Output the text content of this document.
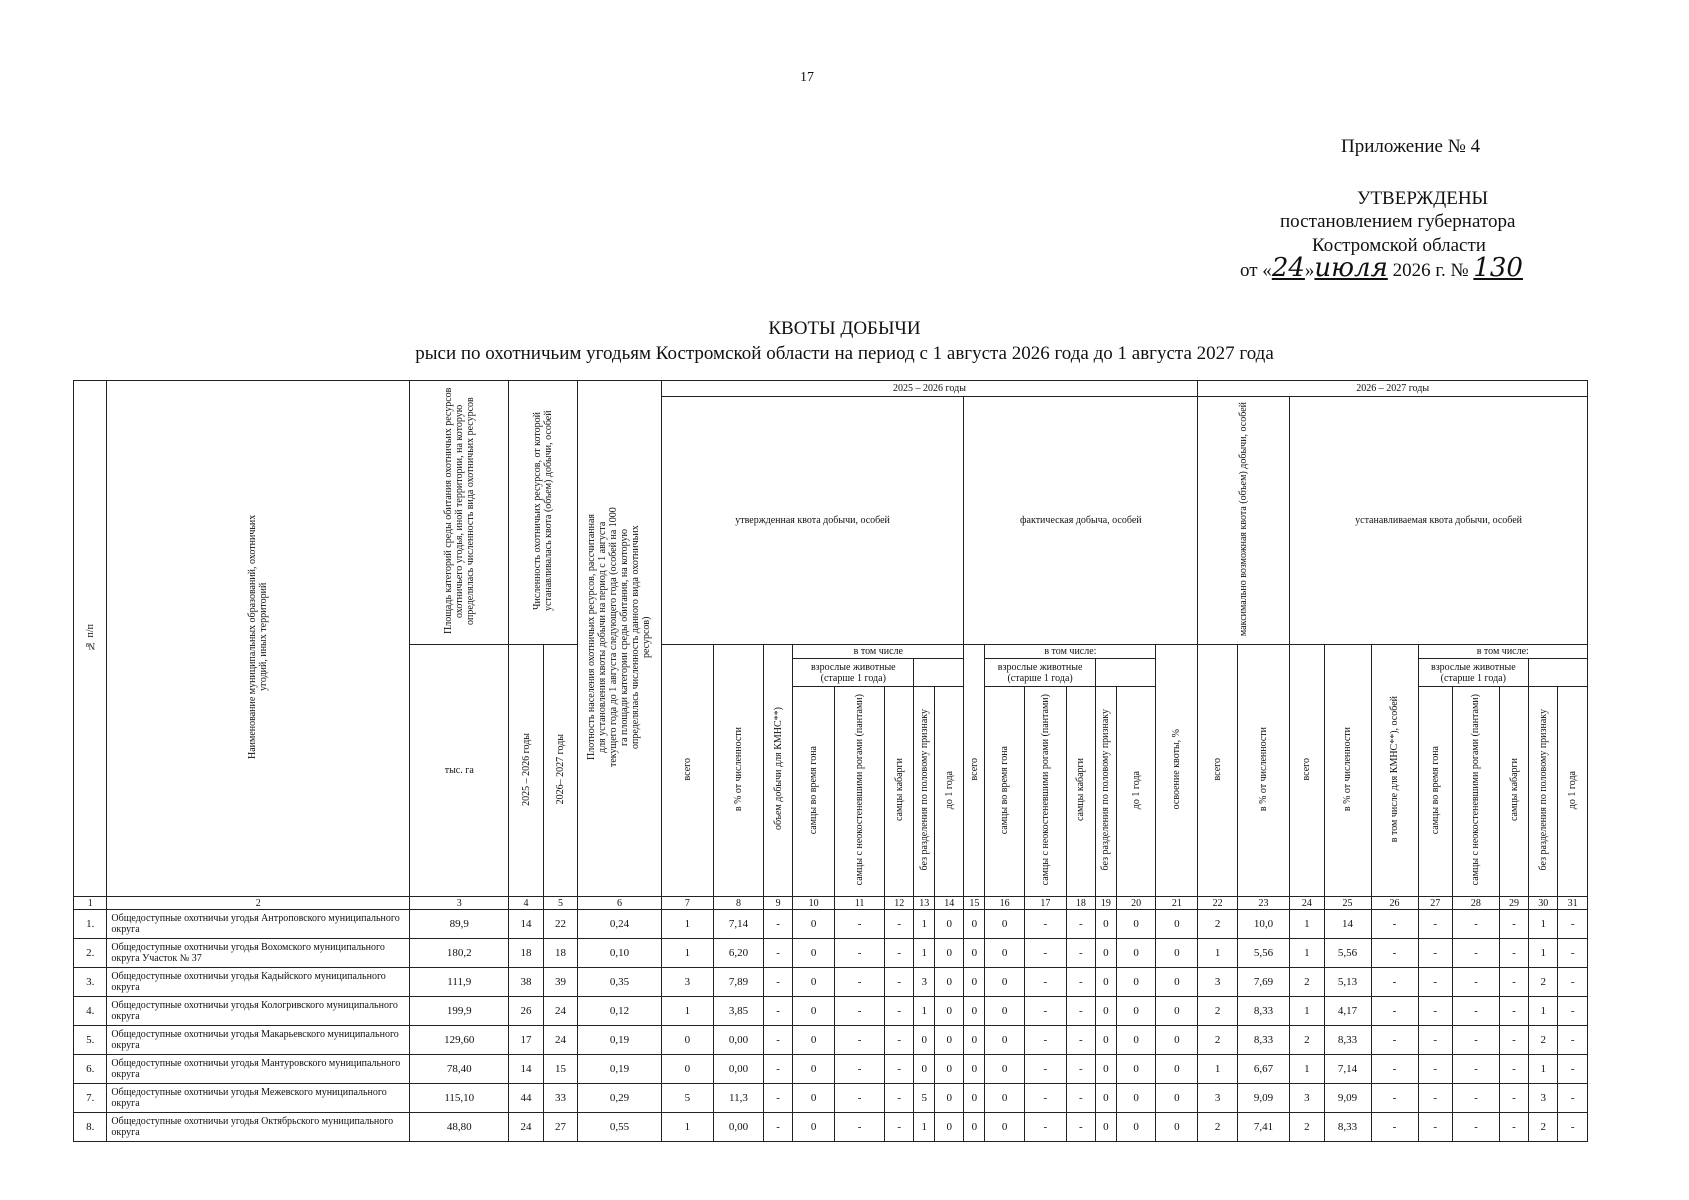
17
Приложение № 4
УТВЕРЖДЕНЫ
постановлением губернатора
Костромской области
от «24»июля 2026 г. № 130
КВОТЫ ДОБЫЧИ
рыси по охотничьим угодьям Костромской области на период с 1 августа 2026 года до 1 августа 2027 года
№ п/п	Наименование муниципальных образований, охотничьих угодий, иных территорий	Площадь категорий среды обитания охотничьих ресурсов охотничьего угодья, иной территории, на которую определялась численность вида охотничьих ресурсов	Численность охотничьих ресурсов, от которой устанавливалась квота (объем) добычи, особей		Плотность населения охотничьих ресурсов, рассчитанная для установления квоты добычи на период с 1 августа текущего года до 1 августа следующего года (особей на 1000 га площади категории среды обитания, на которую определялась численность данного вида охотничьих ресурсов)	2025 – 2026 годы															2026 – 2027 годы									
						утвержденная квота добычи, особей								фактическая добыча, особей							максимально возможная квота (объем) добычи, особей		устанавливаемая квота добычи, особей							
		тыс. га	2025 – 2026 годы	2026– 2027 годы		всего	в % от численности	объем добычи для КМНС**)	в том числе					всего	в том числе:					освоение квоты, %	всего	в % от численности	всего	в % от численности	в том числе для КМНС**), особей	в том числе:				
									взрослые животные (старше 1 года)						взрослые животные (старше 1 года)											взрослые животные (старше 1 года)				
									самцы во время гона	самцы с неокостеневшими рогами (пантами)	самцы кабарги	без разделения по половому признаку	до 1 года		самцы во время гона	самцы с неокостеневшими рогами (пантами)	самцы кабарги	без разделения по половому признаку	до 1 года							самцы во время гона	самцы с неокостеневшими рогами (пантами)	самцы кабарги	без разделения по половому признаку	до 1 года
1	2	3	4	5	6	7	8	9	10	11	12	13	14	15	16	17	18	19	20	21	22	23	24	25	26	27	28	29	30	31
1.	Общедоступные охотничьи угодья Антроповского муниципального округа	89,9	14	22	0,24	1	7,14	-	0	-	-	1	0	0	0	-	-	0	0	0	2	10,0	1	14	-	-	-	-	1	-
2.	Общедоступные охотничьи угодья Вохомского муниципального округа Участок № 37	180,2	18	18	0,10	1	6,20	-	0	-	-	1	0	0	0	-	-	0	0	0	1	5,56	1	5,56	-	-	-	-	1	-
3.	Общедоступные охотничьи угодья Кадыйского муниципального округа	111,9	38	39	0,35	3	7,89	-	0	-	-	3	0	0	0	-	-	0	0	0	3	7,69	2	5,13	-	-	-	-	2	-
4.	Общедоступные охотничьи угодья Кологривского муниципального округа	199,9	26	24	0,12	1	3,85	-	0	-	-	1	0	0	0	-	-	0	0	0	2	8,33	1	4,17	-	-	-	-	1	-
5.	Общедоступные охотничьи угодья Макарьевского муниципального округа	129,60	17	24	0,19	0	0,00	-	0	-	-	0	0	0	0	-	-	0	0	0	2	8,33	2	8,33	-	-	-	-	2	-
6.	Общедоступные охотничьи угодья Мантуровского муниципального округа	78,40	14	15	0,19	0	0,00	-	0	-	-	0	0	0	0	-	-	0	0	0	1	6,67	1	7,14	-	-	-	-	1	-
7.	Общедоступные охотничьи угодья Межевского муниципального округа	115,10	44	33	0,29	5	11,3	-	0	-	-	5	0	0	0	-	-	0	0	0	3	9,09	3	9,09	-	-	-	-	3	-
8.	Общедоступные охотничьи угодья Октябрьского муниципального округа	48,80	24	27	0,55	1	0,00	-	0	-	-	1	0	0	0	-	-	0	0	0	2	7,41	2	8,33	-	-	-	-	2	-
